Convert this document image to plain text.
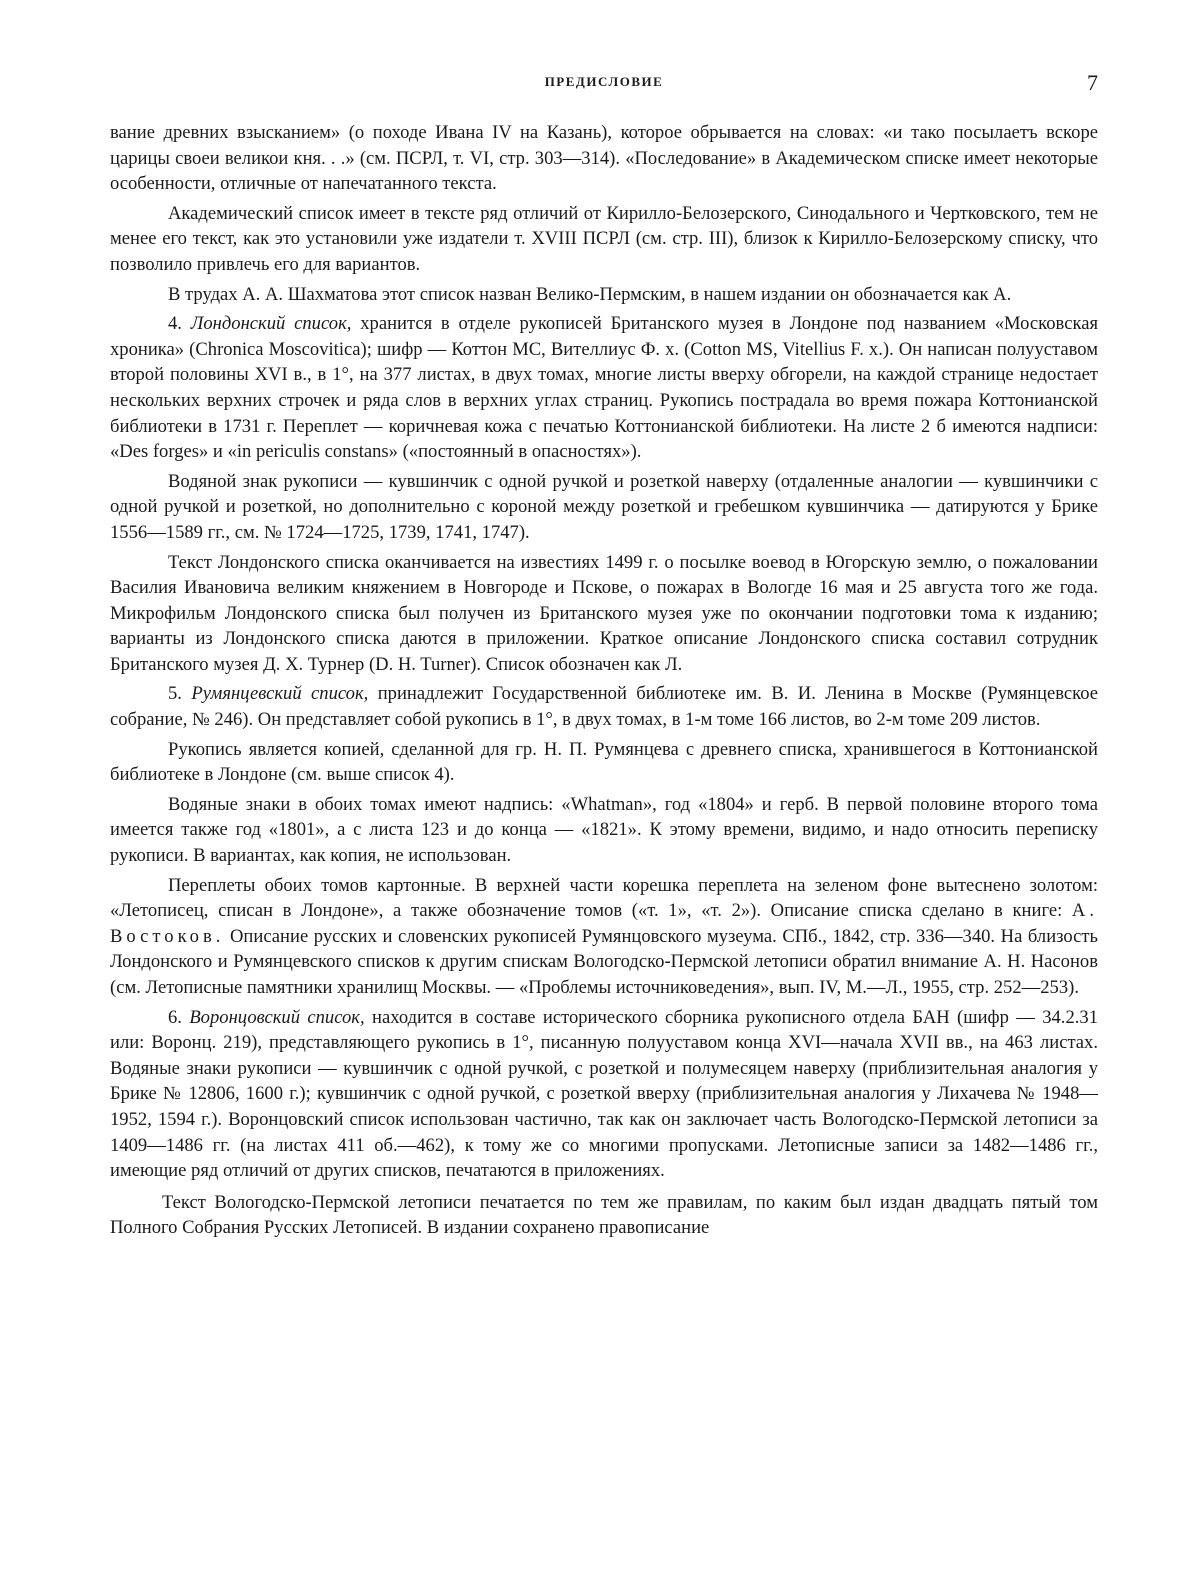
ПРЕДИСЛОВИЕ	7

вание древних взысканием» (о походе Ивана IV на Казань), которое обрывается на словах: «и тако посылаетъ вскоре царицы своеи великои кня. . .» (см. ПСРЛ, т. VI, стр. 303—314). «Последование» в Академическом списке имеет некоторые особенности, отличные от напечатанного текста.

Академический список имеет в тексте ряд отличий от Кирилло-Белозерского, Синодального и Чертковского, тем не менее его текст, как это установили уже издатели т. XVIII ПСРЛ (см. стр. III), близок к Кирилло-Белозерскому списку, что позволило привлечь его для вариантов.

В трудах А. А. Шахматова этот список назван Велико-Пермским, в нашем издании он обозначается как А.

4. Лондонский список, хранится в отделе рукописей Британского музея в Лондоне под названием «Московская хроника» (Chronica Moscovitica); шифр — Коттон МС, Вителлиус Ф. х. (Cotton MS, Vitellius F. x.). Он написан полууставом второй половины XVI в., в 1°, на 377 листах, в двух томах, многие листы вверху обгорели, на каждой странице недостает нескольких верхних строчек и ряда слов в верхних углах страниц. Рукопись пострадала во время пожара Коттонианской библиотеки в 1731 г. Переплет — коричневая кожа с печатью Коттонианской библиотеки. На листе 2 б имеются надписи: «Des forges» и «in periculis constans» («постоянный в опасностях»).

Водяной знак рукописи — кувшинчик с одной ручкой и розеткой наверху (отдаленные аналогии — кувшинчики с одной ручкой и розеткой, но дополнительно с короной между розеткой и гребешком кувшинчика — датируются у Брике 1556—1589 гг., см. № 1724—1725, 1739, 1741, 1747).

Текст Лондонского списка оканчивается на известиях 1499 г. о посылке воевод в Югорскую землю, о пожаловании Василия Ивановича великим княжением в Новгороде и Пскове, о пожарах в Вологде 16 мая и 25 августа того же года. Микрофильм Лондонского списка был получен из Британского музея уже по окончании подготовки тома к изданию; варианты из Лондонского списка даются в приложении. Краткое описание Лондонского списка составил сотрудник Британского музея Д. Х. Турнер (D. H. Turner). Список обозначен как Л.

5. Румянцевский список, принадлежит Государственной библиотеке им. В. И. Ленина в Москве (Румянцевское собрание, № 246). Он представляет собой рукопись в 1°, в двух томах, в 1-м томе 166 листов, во 2-м томе 209 листов.

Рукопись является копией, сделанной для гр. Н. П. Румянцева с древнего списка, хранившегося в Коттонианской библиотеке в Лондоне (см. выше список 4).

Водяные знаки в обоих томах имеют надпись: «Whatman», год «1804» и герб. В первой половине второго тома имеется также год «1801», а с листа 123 и до конца — «1821». К этому времени, видимо, и надо относить переписку рукописи. В вариантах, как копия, не использован.

Переплеты обоих томов картонные. В верхней части корешка переплета на зеленом фоне вытеснено золотом: «Летописец, списан в Лондоне», а также обозначение томов («т. 1», «т. 2»). Описание списка сделано в книге: А. Востоков. Описание русских и словенских рукописей Румянцовского музеума. СПб., 1842, стр. 336—340. На близость Лондонского и Румянцевского списков к другим спискам Вологодско-Пермской летописи обратил внимание А. Н. Насонов (см. Летописные памятники хранилищ Москвы. — «Проблемы источниковедения», вып. IV, М.—Л., 1955, стр. 252—253).

6. Воронцовский список, находится в составе исторического сборника рукописного отдела БАН (шифр — 34.2.31 или: Воронц. 219), представляющего рукопись в 1°, писанную полууставом конца XVI—начала XVII вв., на 463 листах. Водяные знаки рукописи — кувшинчик с одной ручкой, с розеткой и полумесяцем наверху (приблизительная аналогия у Брике № 12806, 1600 г.); кувшинчик с одной ручкой, с розеткой вверху (приблизительная аналогия у Лихачева № 1948—1952, 1594 г.). Воронцовский список использован частично, так как он заключает часть Вологодско-Пермской летописи за 1409—1486 гг. (на листах 411 об.—462), к тому же со многими пропусками. Летописные записи за 1482—1486 гг., имеющие ряд отличий от других списков, печатаются в приложениях.

Текст Вологодско-Пермской летописи печатается по тем же правилам, по каким был издан двадцать пятый том Полного Собрания Русских Летописей. В издании сохранено правописание
